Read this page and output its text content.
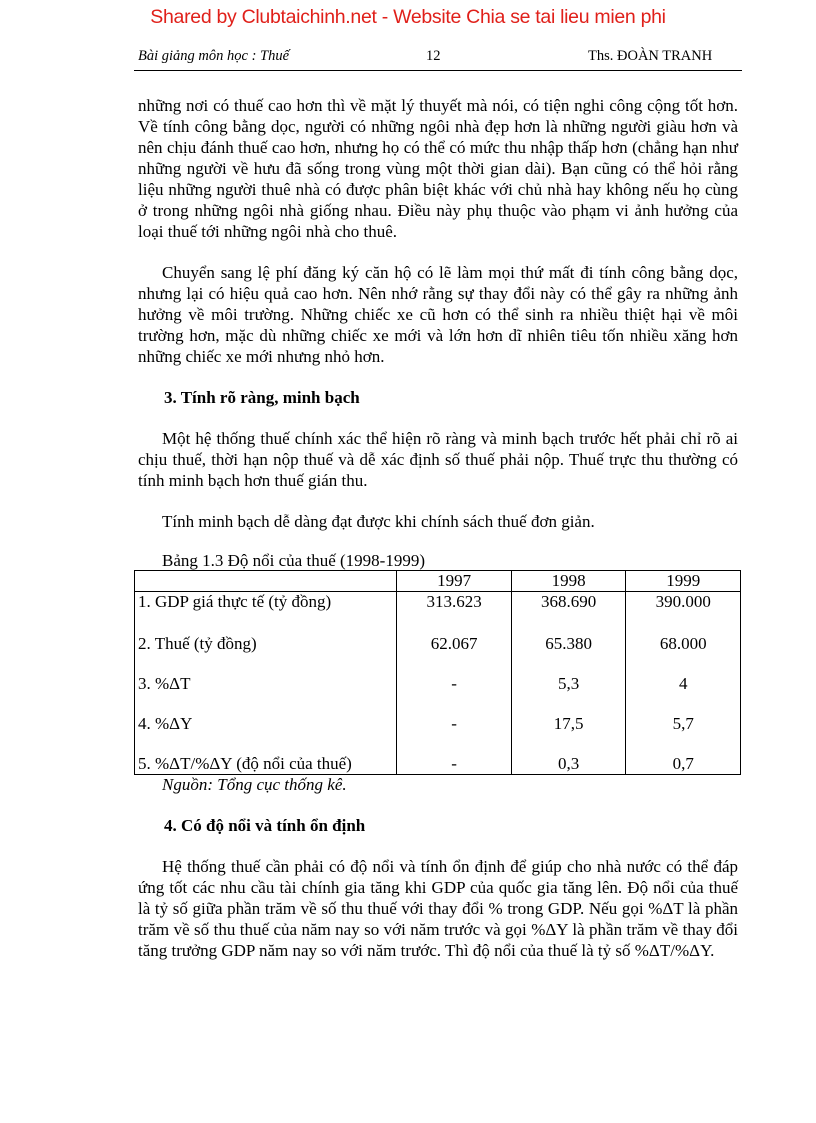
Shared by Clubtaichinh.net - Website Chia se tai lieu mien phi
Bài giảng môn học : Thuế	12	Ths. ĐOÀN TRANH

những nơi có thuế cao hơn thì về mặt lý thuyết mà nói, có tiện nghi công cộng tốt hơn. Về tính công bằng dọc, người có những ngôi nhà đẹp hơn là những người giàu hơn và nên chịu đánh thuế cao hơn, nhưng họ có thể có mức thu nhập thấp hơn (chẳng hạn như những người về hưu đã sống trong vùng một thời gian dài). Bạn cũng có thể hỏi rằng liệu những người thuê nhà có được phân biệt khác với chủ nhà hay không nếu họ cùng ở trong những ngôi nhà giống nhau. Điều này phụ thuộc vào phạm vi ảnh hưởng của loại thuế tới những ngôi nhà cho thuê.

Chuyển sang lệ phí đăng ký căn hộ có lẽ làm mọi thứ mất đi tính công bằng dọc, nhưng lại có hiệu quả cao hơn. Nên nhớ rằng sự thay đổi này có thể gây ra những ảnh hưởng về môi trường. Những chiếc xe cũ hơn có thể sinh ra nhiều thiệt hại về môi trường hơn, mặc dù những chiếc xe mới và lớn hơn dĩ nhiên tiêu tốn nhiều xăng hơn những chiếc xe mới nhưng nhỏ hơn.

3. Tính rõ ràng, minh bạch

Một hệ thống thuế chính xác thể hiện rõ ràng và minh bạch trước hết phải chỉ rõ ai chịu thuế, thời hạn nộp thuế và dễ xác định số thuế phải nộp. Thuế trực thu thường có tính minh bạch hơn thuế gián thu.

Tính minh bạch dễ dàng đạt được khi chính sách thuế đơn giản.

Bảng 1.3 Độ nổi của thuế (1998-1999)

	1997	1998	1999
1. GDP giá thực tế (tỷ đồng)	313.623	368.690	390.000
2. Thuế (tỷ đồng)	62.067	65.380	68.000
3. %ΔT	-	5,3	4
4. %ΔY	-	17,5	5,7
5. %ΔT/%ΔY (độ nổi của thuế)	-	0,3	0,7

Nguồn: Tổng cục thống kê.

4. Có độ nổi và tính ổn định

Hệ thống thuế cần phải có độ nổi và tính ổn định để giúp cho nhà nước có thể đáp ứng tốt các nhu cầu tài chính gia tăng khi GDP của quốc gia tăng lên. Độ nổi của thuế là tỷ số giữa phần trăm về số thu thuế với thay đổi % trong GDP. Nếu gọi %ΔT là phần trăm về số thu thuế của năm nay so với năm trước và gọi %ΔY là phần trăm về thay đổi tăng trưởng GDP năm nay so với năm trước. Thì độ nổi của thuế là tỷ số %ΔT/%ΔY.
